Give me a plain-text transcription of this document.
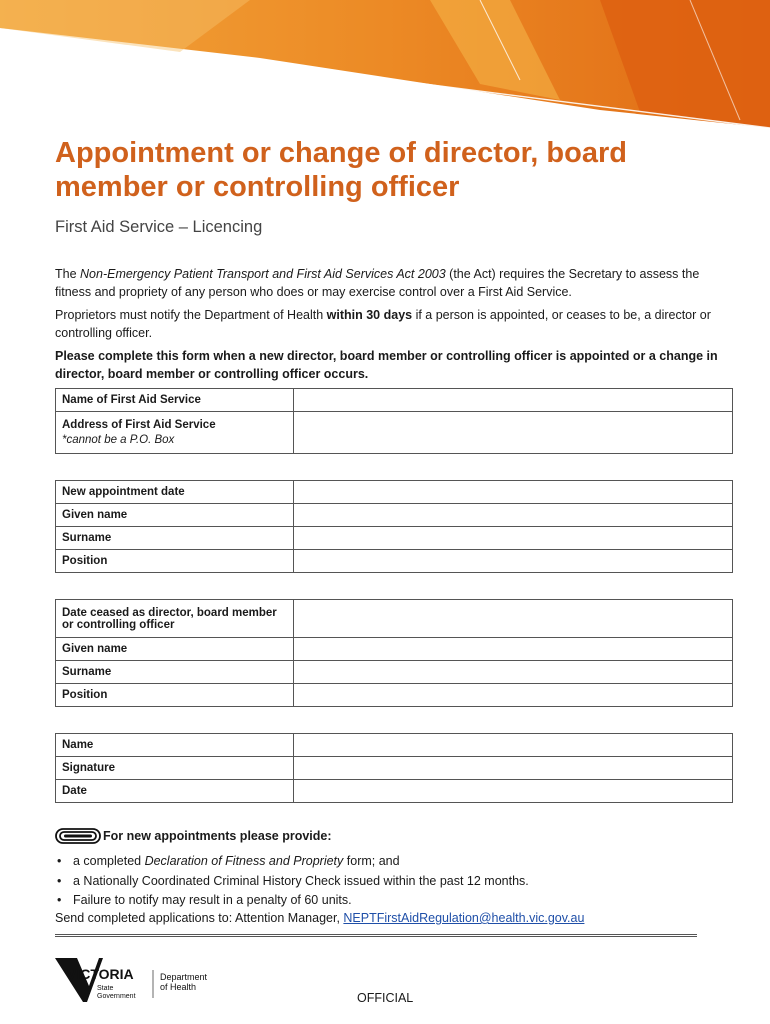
Appointment or change of director, board member or controlling officer
First Aid Service – Licencing
The Non-Emergency Patient Transport and First Aid Services Act 2003 (the Act) requires the Secretary to assess the fitness and propriety of any person who does or may exercise control over a First Aid Service.
Proprietors must notify the Department of Health within 30 days if a person is appointed, or ceases to be, a director or controlling officer.
Please complete this form when a new director, board member or controlling officer is appointed or a change in director, board member or controlling officer occurs.
Name of First Aid Service	
Address of First Aid Service
*cannot be a P.O. Box	

New appointment date	
Given name	
Surname	
Position	
Date ceased as director, board member or controlling officer	
Given name	
Surname	
Position	
Name	
Signature	
Date	
For new appointments please provide:
• a completed Declaration of Fitness and Propriety form; and
• a Nationally Coordinated Criminal History Check issued within the past 12 months.
• Failure to notify may result in a penalty of 60 units.
Send completed applications to: Attention Manager, NEPTFirstAidRegulation@health.vic.gov.au
VICTORIA
State
Government
Department
of Health
OFFICIAL
